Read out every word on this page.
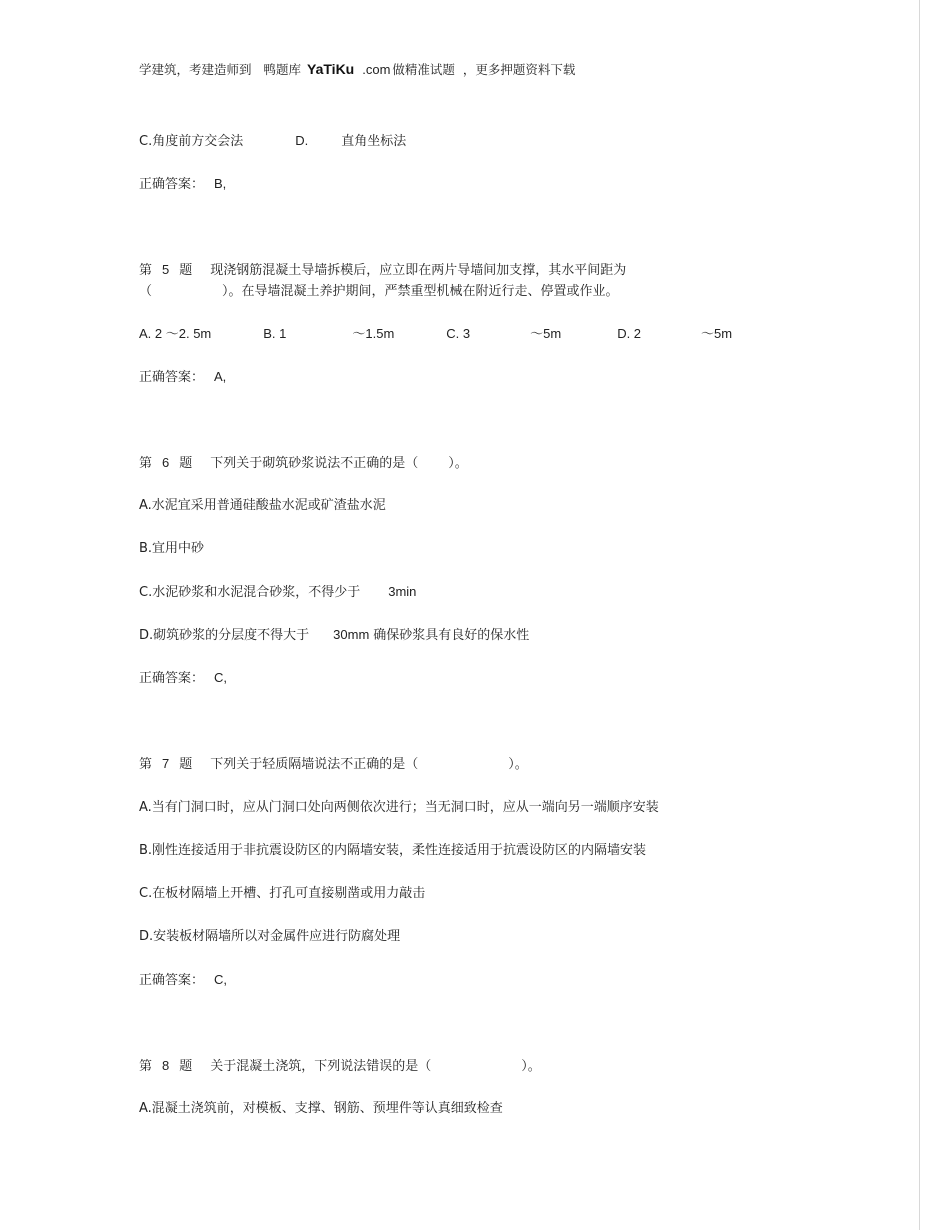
学建筑，考建造师到 鸭题库 YaTiKu .com 做精准试题 ，更多押题资料下载
C.角度前方交会法	D.	直角坐标法
正确答案： B,
第 5 题 现浇钢筋混凝土导墙拆模后，应立即在两片导墙间加支撑，其水平间距为
（	）。在导墙混凝土养护期间，严禁重型机械在附近行走、停置或作业。
A. 2 ～2. 5m	B. 1	～1.5m	C. 3	～5m	D. 2	～5m
正确答案： A,
第 6 题 下列关于砌筑砂浆说法不正确的是（ ）。
A.水泥宜采用普通硅酸盐水泥或矿渣盐水泥
B.宜用中砂
C.水泥砂浆和水泥混合砂浆，不得少于 3min
D.砌筑砂浆的分层度不得大于 30mm 确保砂浆具有良好的保水性
正确答案： C,
第 7 题 下列关于轻质隔墙说法不正确的是（	）。
A.当有门洞口时，应从门洞口处向两侧依次进行；当无洞口时，应从一端向另一端顺序安装
B.刚性连接适用于非抗震设防区的内隔墙安装，柔性连接适用于抗震设防区的内隔墙安装
C.在板材隔墙上开槽、打孔可直接剔凿或用力敲击
D.安装板材隔墙所以对金属件应进行防腐处理
正确答案： C,
第 8 题 关于混凝土浇筑，下列说法错误的是（	）。
A.混凝土浇筑前，对模板、支撑、钢筋、预埋件等认真细致检查
